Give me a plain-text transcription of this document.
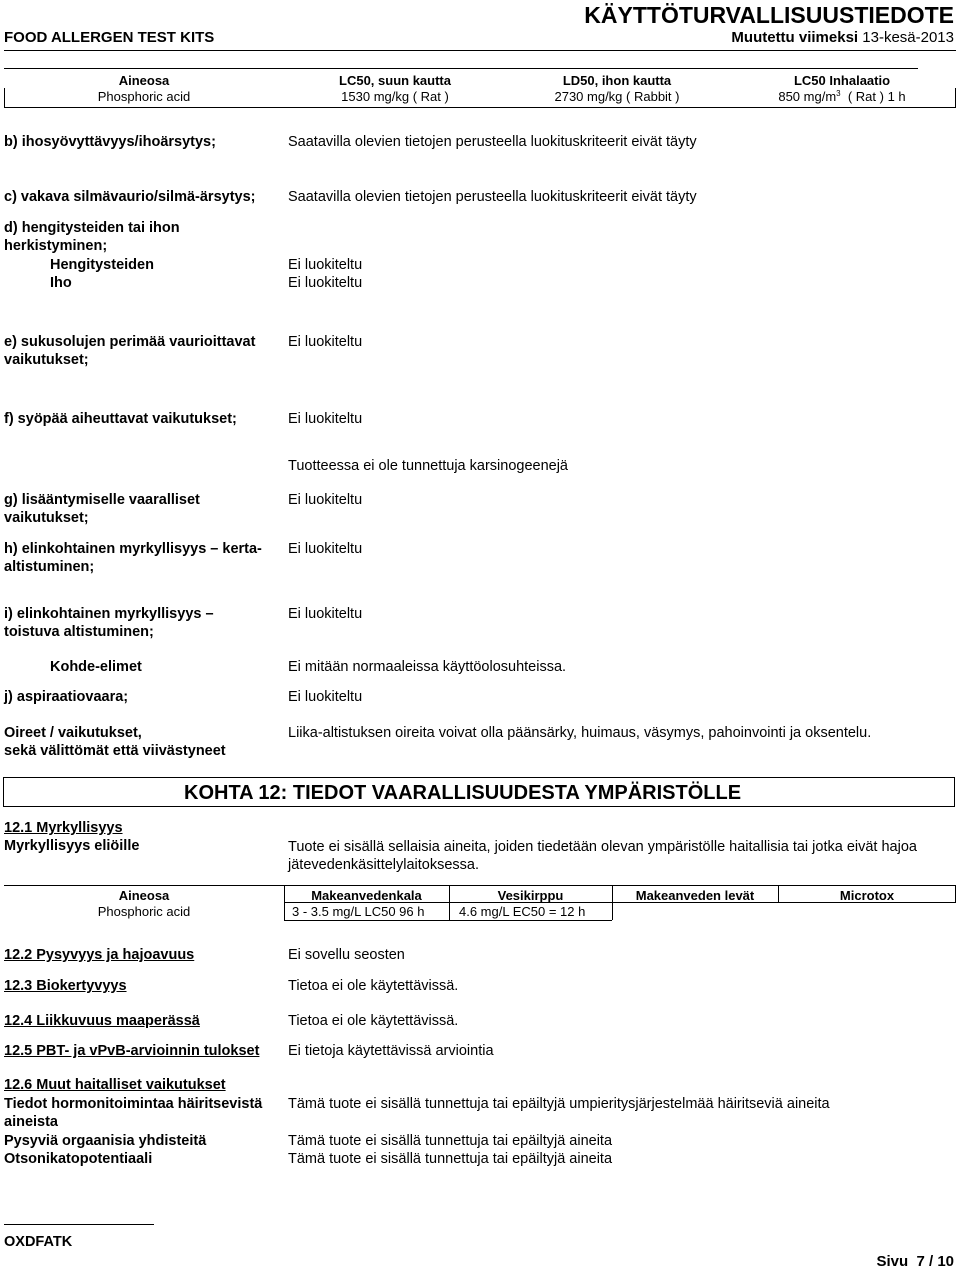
KÄYTTÖTURVALLISUUSTIEDOTE
FOOD ALLERGEN TEST KITS	Muutettu viimeksi 13-kesä-2013
Aineosa	LC50, suun kautta	LD50, ihon kautta	LC50 Inhalaatio
Phosphoric acid	1530 mg/kg ( Rat )	2730 mg/kg ( Rabbit )	850 $mg/m^3$ ( Rat ) 1 h
b) ihosyövyttävyys/ihoärsytys;	Saatavilla olevien tietojen perusteella luokituskriteerit eivät täyty
c) vakava silmävaurio/silmä-ärsytys; Saatavilla olevien tietojen perusteella luokituskriteerit eivät täyty
d) hengitysteiden tai ihon
herkistyminen;
Hengitysteiden	Ei luokiteltu
Iho	Ei luokiteltu
e) sukusolujen perimää vaurioittavat
vaikutukset;
Ei luokiteltu
f) syöpää aiheuttavat vaikutukset;	Ei luokiteltu
Tuotteessa ei ole tunnettuja karsinogeenejä
g) lisääntymiselle vaaralliset
vaikutukset;
Ei luokiteltu
h) elinkohtainen myrkyllisyys – kerta-
altistuminen;
Ei luokiteltu
i) elinkohtainen myrkyllisyys –
toistuva altistuminen;
Ei luokiteltu
Kohde-elimet	Ei mitään normaaleissa käyttöolosuhteissa.
j) aspiraatiovaara;	Ei luokiteltu
Oireet / vaikutukset,
sekä välittömät että viivästyneet
Liika-altistuksen oireita voivat olla päänsärky, huimaus, väsymys, pahoinvointi ja oksentelu.
KOHTA 12: TIEDOT VAARALLISUUDESTA YMPÄRISTÖLLE
12.1 Myrkyllisyys
Myrkyllisyys eliöille	Tuote ei sisällä sellaisia aineita, joiden tiedetään olevan ympäristölle haitallisia tai jotka eivät hajoa jätevedenkäsittelylaitoksessa.
Aineosa	Makeanvedenkala	Vesikirppu	Makeanveden levät	Microtox
Phosphoric acid	3 - 3.5 mg/L LC50 96 h	4.6 mg/L EC50 = 12 h		
12.2 Pysyvyys ja hajoavuus	Ei sovellu seosten
12.3 Biokertyvyys	Tietoa ei ole käytettävissä.
12.4 Liikkuvuus maaperässä	Tietoa ei ole käytettävissä.
12.5 PBT- ja vPvB-arvioinnin tulokset Ei tietoja käytettävissä arviointia
12.6 Muut haitalliset vaikutukset
Tiedot hormonitoimintaa häiritsevistä Tämä tuote ei sisällä tunnettuja tai epäiltyjä umpieritysjärjestelmää häiritseviä aineita
aineista
Pysyviä orgaanisia yhdisteitä	Tämä tuote ei sisällä tunnettuja tai epäiltyjä aineita
Otsonikatopotentiaali	Tämä tuote ei sisällä tunnettuja tai epäiltyjä aineita
OXDFATK
Sivu 7 / 10
